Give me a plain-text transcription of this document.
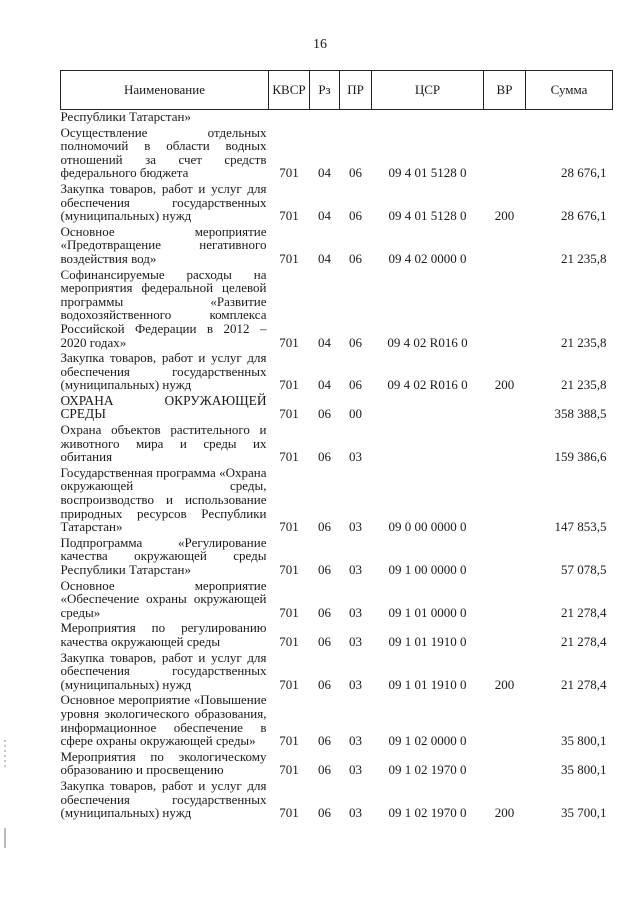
16
Наименование	КВСР	Рз	ПР	ЦСР	ВР	Сумма
Республики Татарстан»						
Осуществление отдельных полномочий в области водных отношений за счет средств федерального бюджета	701	04	06	09 4 01 5128 0		28 676,1
Закупка товаров, работ и услуг для обеспечения государственных (муниципальных) нужд	701	04	06	09 4 01 5128 0	200	28 676,1
Основное мероприятие «Предотвращение негативного воздействия вод»	701	04	06	09 4 02 0000 0		21 235,8
Софинансируемые расходы на мероприятия федеральной целевой программы «Развитие водохозяйственного комплекса Российской Федерации в 2012 – 2020 годах»	701	04	06	09 4 02 R016 0		21 235,8
Закупка товаров, работ и услуг для обеспечения государственных (муниципальных) нужд	701	04	06	09 4 02 R016 0	200	21 235,8
ОХРАНА ОКРУЖАЮЩЕЙ СРЕДЫ	701	06	00			358 388,5
Охрана объектов растительного и животного мира и среды их обитания	701	06	03			159 386,6
Государственная программа «Охрана окружающей среды, воспроизводство и использование природных ресурсов Республики Татарстан»	701	06	03	09 0 00 0000 0		147 853,5
Подпрограмма «Регулирование качества окружающей среды Республики Татарстан»	701	06	03	09 1 00 0000 0		57 078,5
Основное мероприятие «Обеспечение охраны окружающей среды»	701	06	03	09 1 01 0000 0		21 278,4
Мероприятия по регулированию качества окружающей среды	701	06	03	09 1 01 1910 0		21 278,4
Закупка товаров, работ и услуг для обеспечения государственных (муниципальных) нужд	701	06	03	09 1 01 1910 0	200	21 278,4
Основное мероприятие «Повышение уровня экологического образования, информационное обеспечение в сфере охраны окружающей среды»	701	06	03	09 1 02 0000 0		35 800,1
Мероприятия по экологическому образованию и просвещению	701	06	03	09 1 02 1970 0		35 800,1
Закупка товаров, работ и услуг для обеспечения государственных (муниципальных) нужд	701	06	03	09 1 02 1970 0	200	35 700,1
